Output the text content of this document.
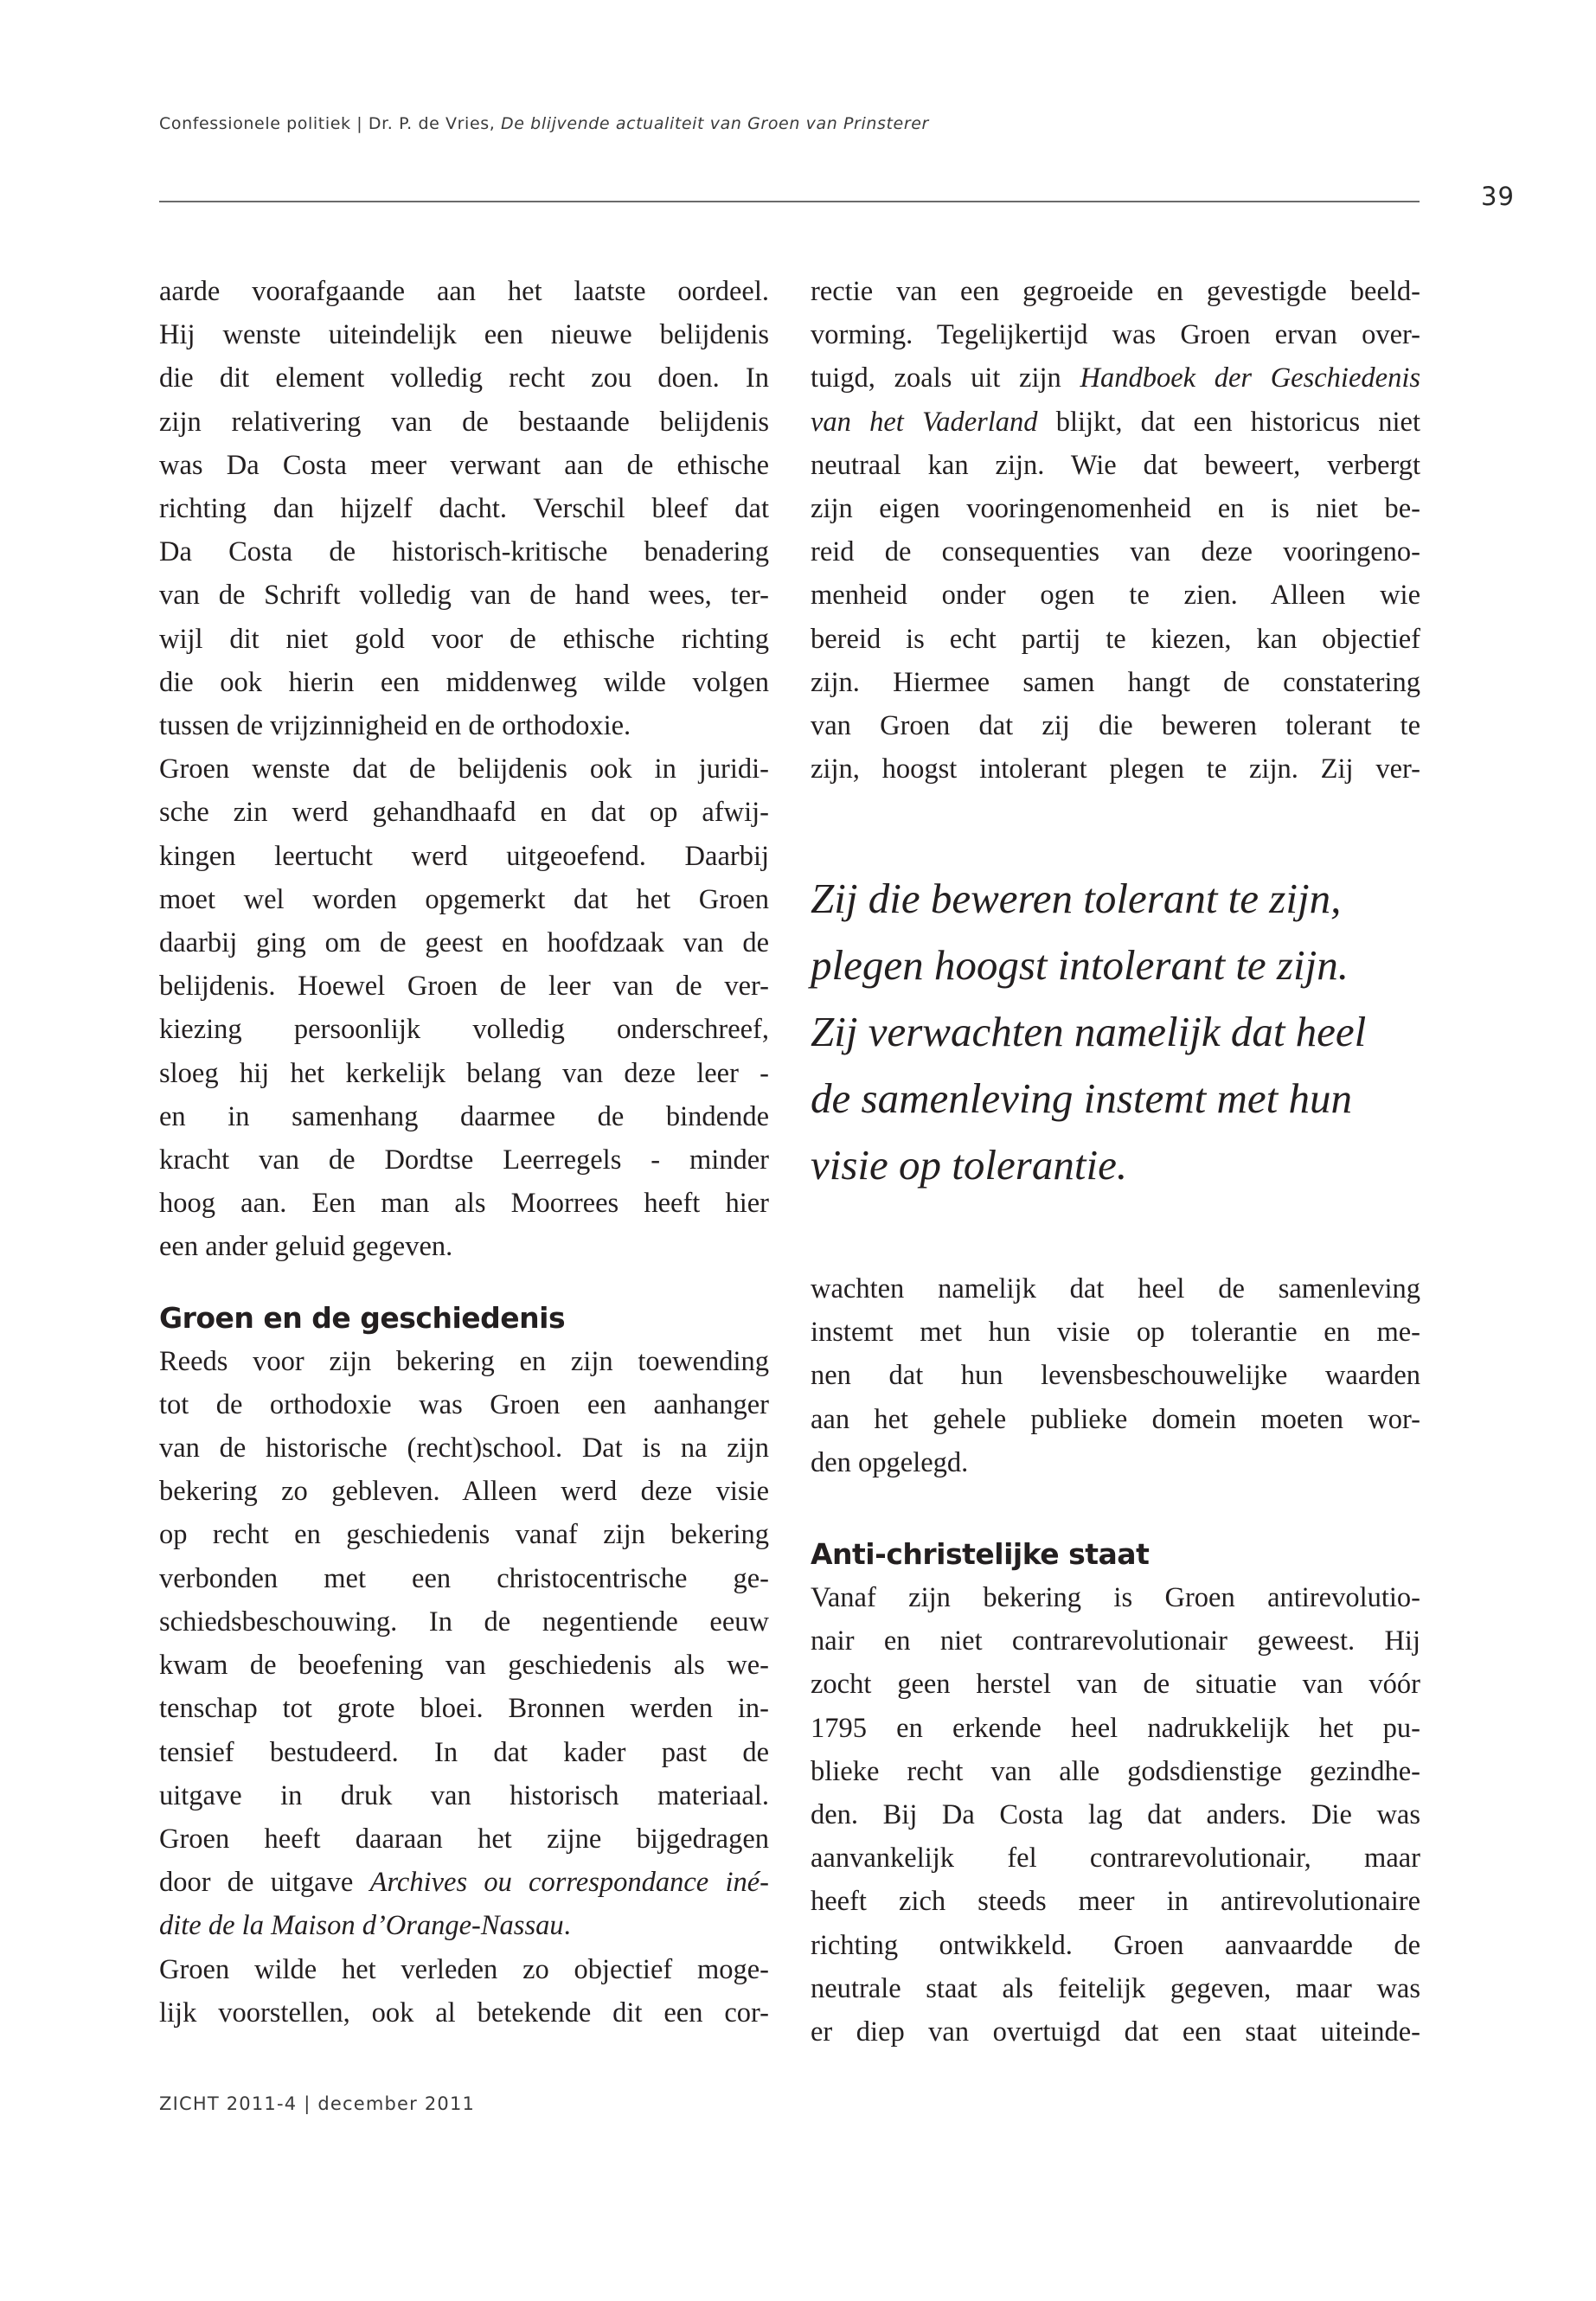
Confessionele politiek | Dr. P. de Vries, De blijvende actualiteit van Groen van Prinsterer
39
aarde voorafgaande aan het laatste oordeel.
Hij wenste uiteindelijk een nieuwe belijdenis
die dit element volledig recht zou doen. In
zijn relativering van de bestaande belijdenis
was Da Costa meer verwant aan de ethische
richting dan hijzelf dacht. Verschil bleef dat
Da Costa de historisch-kritische benadering
van de Schrift volledig van de hand wees, ter-
wijl dit niet gold voor de ethische richting
die ook hierin een middenweg wilde volgen
tussen de vrijzinnigheid en de orthodoxie.
Groen wenste dat de belijdenis ook in juridi-
sche zin werd gehandhaafd en dat op afwij-
kingen leertucht werd uitgeoefend. Daarbij
moet wel worden opgemerkt dat het Groen
daarbij ging om de geest en hoofdzaak van de
belijdenis. Hoewel Groen de leer van de ver-
kiezing persoonlijk volledig onderschreef,
sloeg hij het kerkelijk belang van deze leer -
en in samenhang daarmee de bindende
kracht van de Dordtse Leerregels - minder
hoog aan. Een man als Moorrees heeft hier
een ander geluid gegeven.
Groen en de geschiedenis
Reeds voor zijn bekering en zijn toewending
tot de orthodoxie was Groen een aanhanger
van de historische (recht)school. Dat is na zijn
bekering zo gebleven. Alleen werd deze visie
op recht en geschiedenis vanaf zijn bekering
verbonden met een christocentrische ge-
schiedsbeschouwing. In de negentiende eeuw
kwam de beoefening van geschiedenis als we-
tenschap tot grote bloei. Bronnen werden in-
tensief bestudeerd. In dat kader past de
uitgave in druk van historisch materiaal.
Groen heeft daaraan het zijne bijgedragen
door de uitgave Archives ou correspondance iné-
dite de la Maison d’Orange-Nassau.
Groen wilde het verleden zo objectief moge-
lijk voorstellen, ook al betekende dit een cor-
rectie van een gegroeide en gevestigde beeld-
vorming. Tegelijkertijd was Groen ervan over-
tuigd, zoals uit zijn Handboek der Geschiedenis
van het Vaderland blijkt, dat een historicus niet
neutraal kan zijn. Wie dat beweert, verbergt
zijn eigen vooringenomenheid en is niet be-
reid de consequenties van deze vooringeno-
menheid onder ogen te zien. Alleen wie
bereid is echt partij te kiezen, kan objectief
zijn. Hiermee samen hangt de constatering
van Groen dat zij die beweren tolerant te
zijn, hoogst intolerant plegen te zijn. Zij ver-
Zij die beweren tolerant te zijn,
plegen hoogst intolerant te zijn.
Zij verwachten namelijk dat heel
de samenleving instemt met hun
visie op tolerantie.
wachten namelijk dat heel de samenleving
instemt met hun visie op tolerantie en me-
nen dat hun levensbeschouwelijke waarden
aan het gehele publieke domein moeten wor-
den opgelegd.
Anti-christelijke staat
Vanaf zijn bekering is Groen antirevolutio-
nair en niet contrarevolutionair geweest. Hij
zocht geen herstel van de situatie van vóór
1795 en erkende heel nadrukkelijk het pu-
blieke recht van alle godsdienstige gezindhe-
den. Bij Da Costa lag dat anders. Die was
aanvankelijk fel contrarevolutionair, maar
heeft zich steeds meer in antirevolutionaire
richting ontwikkeld. Groen aanvaardde de
neutrale staat als feitelijk gegeven, maar was
er diep van overtuigd dat een staat uiteinde-
ZICHT 2011-4 | december 2011
